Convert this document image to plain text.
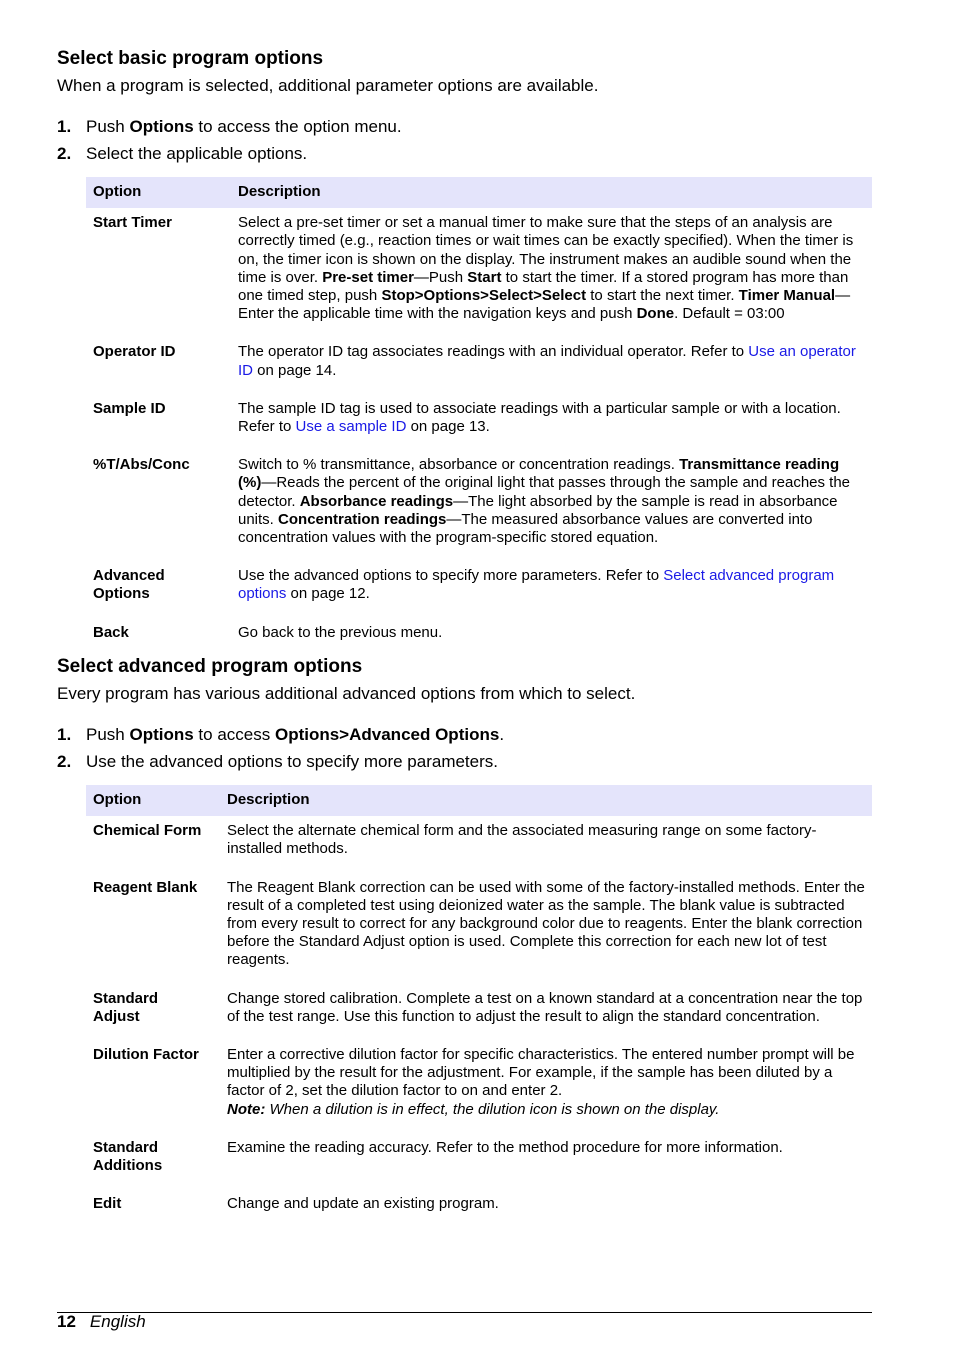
Select basic program options

When a program is selected, additional parameter options are available.

1. Push Options to access the option menu.
2. Select the applicable options.
Option	Description
Start Timer	Select a pre-set timer or set a manual timer to make sure that the steps of an analysis are correctly timed (e.g., reaction times or wait times can be exactly specified). When the timer is on, the timer icon is shown on the display. The instrument makes an audible sound when the time is over. Pre-set timer—Push Start to start the timer. If a stored program has more than one timed step, push Stop>Options>Select>Select to start the next timer. Timer Manual—Enter the applicable time with the navigation keys and push Done. Default = 03:00
Operator ID	The operator ID tag associates readings with an individual operator. Refer to Use an operator ID on page 14.
Sample ID	The sample ID tag is used to associate readings with a particular sample or with a location. Refer to Use a sample ID on page 13.
%T/Abs/Conc	Switch to % transmittance, absorbance or concentration readings. Transmittance reading (%)—Reads the percent of the original light that passes through the sample and reaches the detector. Absorbance readings—The light absorbed by the sample is read in absorbance units. Concentration readings—The measured absorbance values are converted into concentration values with the program-specific stored equation.
Advanced Options	Use the advanced options to specify more parameters. Refer to Select advanced program options on page 12.
Back	Go back to the previous menu.
Select advanced program options

Every program has various additional advanced options from which to select.

1. Push Options to access Options>Advanced Options.
2. Use the advanced options to specify more parameters.
Option	Description
Chemical Form	Select the alternate chemical form and the associated measuring range on some factory-installed methods.
Reagent Blank	The Reagent Blank correction can be used with some of the factory-installed methods. Enter the result of a completed test using deionized water as the sample. The blank value is subtracted from every result to correct for any background color due to reagents. Enter the blank correction before the Standard Adjust option is used. Complete this correction for each new lot of test reagents.
Standard Adjust	Change stored calibration. Complete a test on a known standard at a concentration near the top of the test range. Use this function to adjust the result to align the standard concentration.
Dilution Factor	Enter a corrective dilution factor for specific characteristics. The entered number prompt will be multiplied by the result for the adjustment. For example, if the sample has been diluted by a factor of 2, set the dilution factor to on and enter 2.
Note: When a dilution is in effect, the dilution icon is shown on the display.
Standard Additions	Examine the reading accuracy. Refer to the method procedure for more information.
Edit	Change and update an existing program.
12 English
